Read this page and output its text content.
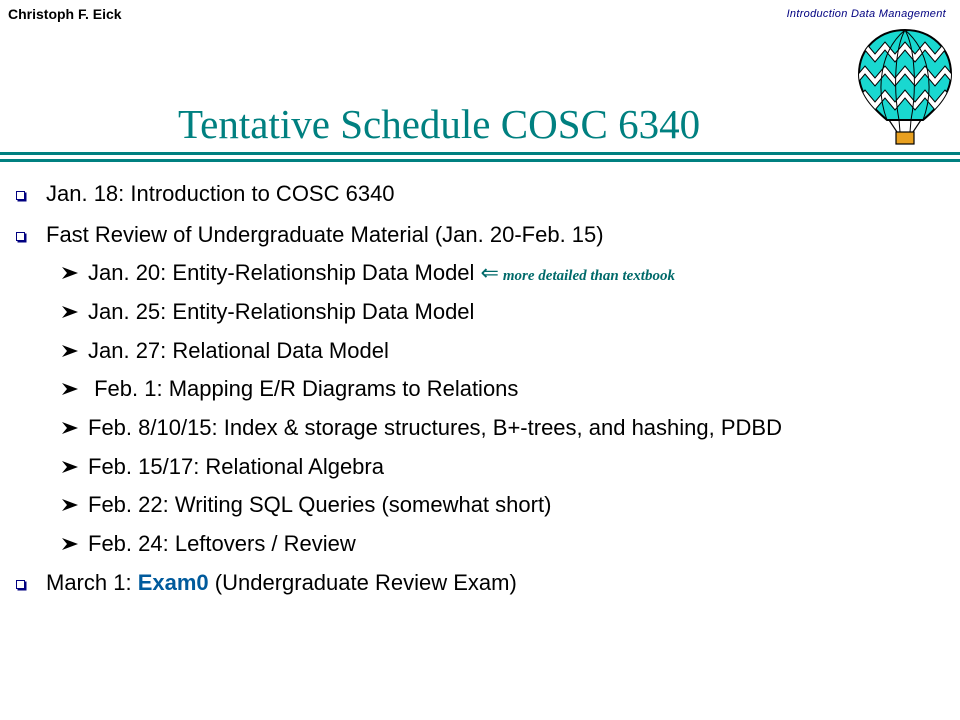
Christoph F. Eick	Introduction Data Management
Tentative Schedule COSC 6340
Jan. 18: Introduction to COSC 6340
Fast Review of Undergraduate Material (Jan. 20-Feb. 15)
Jan. 20: Entity-Relationship Data Model ⇐ more detailed than textbook
Jan. 25: Entity-Relationship Data Model
Jan. 27: Relational Data Model
Feb. 1: Mapping E/R Diagrams to Relations
Feb. 8/10/15: Index & storage structures, B+-trees, and hashing, PDBD
Feb. 15/17: Relational Algebra
Feb. 22: Writing SQL Queries (somewhat short)
Feb. 24: Leftovers / Review
March 1: Exam0 (Undergraduate Review Exam)
